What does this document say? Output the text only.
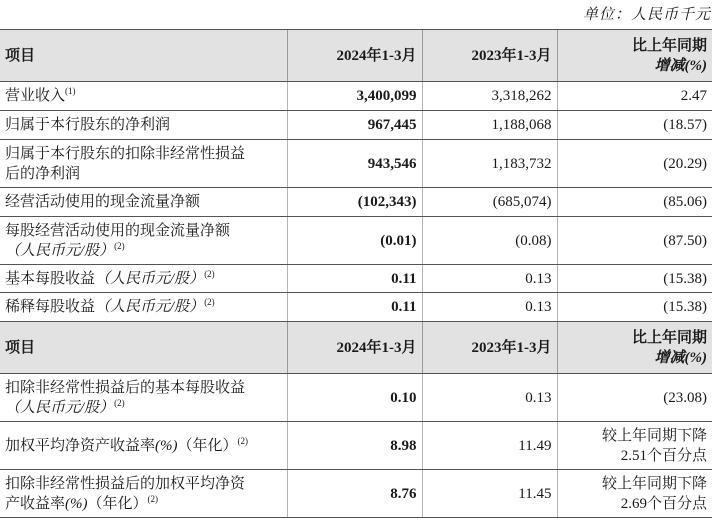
单位：人民币千元
项目	2024年1-3月	2023年1-3月	比上年同期
增减(%)
营业收入$^{(1)}$	3,400,099	3,318,262	2.47
归属于本行股东的净利润	967,445	1,188,068	(18.57)
归属于本行股东的扣除非经常性损益
后的净利润	943,546	1,183,732	(20.29)
经营活动使用的现金流量净额	(102,343)	(685,074)	(85.06)
每股经营活动使用的现金流量净额
（人民币元/股）$^{(2)}$	(0.01)	(0.08)	(87.50)
基本每股收益（人民币元/股）$^{(2)}$	0.11	0.13	(15.38)
稀释每股收益（人民币元/股）$^{(2)}$	0.11	0.13	(15.38)
项目	2024年1-3月	2023年1-3月	比上年同期
增减(%)
扣除非经常性损益后的基本每股收益
（人民币元/股）$^{(2)}$	0.10	0.13	(23.08)
加权平均净资产收益率(%)（年化）$^{(2)}$	8.98	11.49	较上年同期下降
2.51个百分点
扣除非经常性损益后的加权平均净资
产收益率(%)（年化）$^{(2)}$	8.76	11.45	较上年同期下降
2.69个百分点
